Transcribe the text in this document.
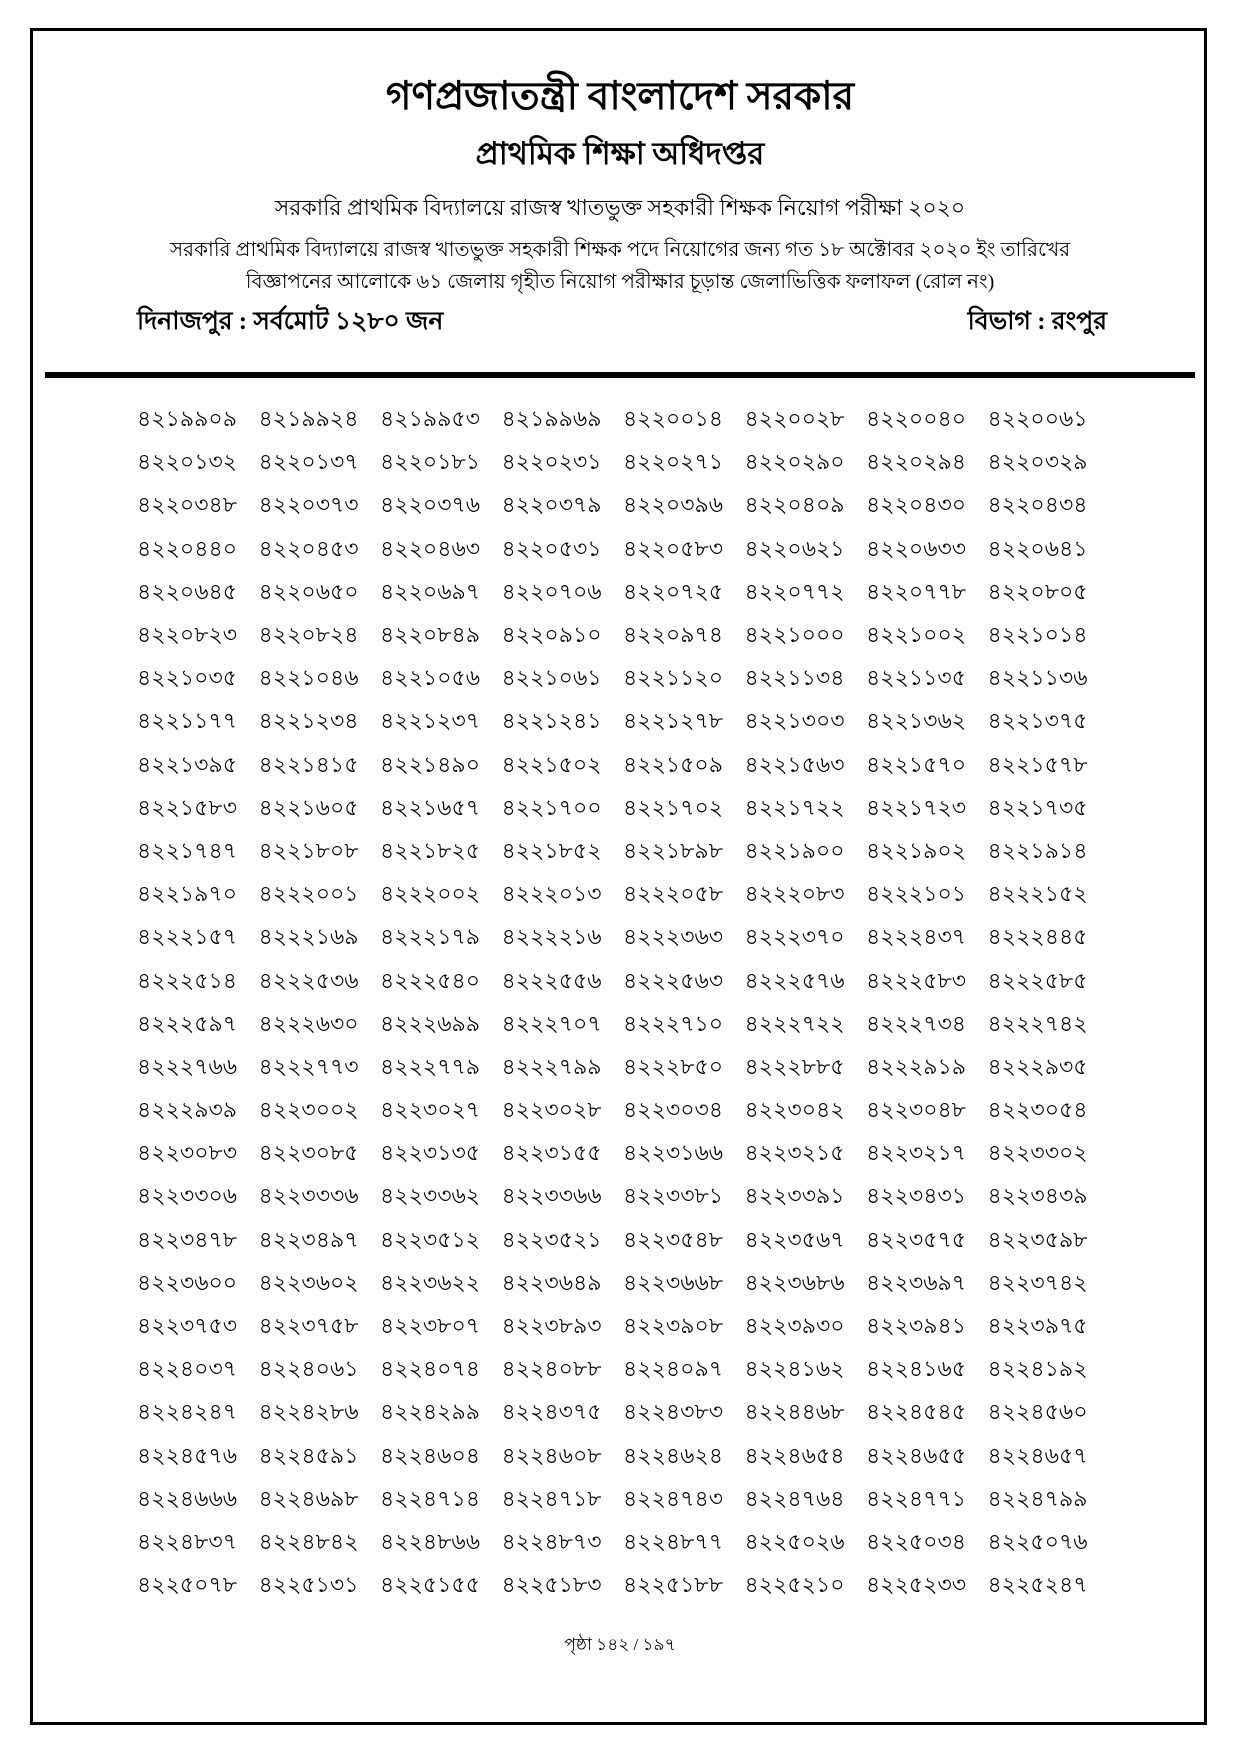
গণপ্রজাতন্ত্রী বাংলাদেশ সরকার
প্রাথমিক শিক্ষা অধিদপ্তর
সরকারি প্রাথমিক বিদ্যালয়ে রাজস্ব খাতভুক্ত সহকারী শিক্ষক নিয়োগ পরীক্ষা ২০২০
সরকারি প্রাথমিক বিদ্যালয়ে রাজস্ব খাতভুক্ত সহকারী শিক্ষক পদে নিয়োগের জন্য গত ১৮ অক্টোবর ২০২০ ইং তারিখের
বিজ্ঞাপনের আলোকে ৬১ জেলায় গৃহীত নিয়োগ পরীক্ষার চূড়ান্ত জেলাভিত্তিক ফলাফল (রোল নং)
দিনাজপুর : সর্বমোট ১২৮০ জন	বিভাগ : রংপুর
৪২১৯৯০৯ ৪২১৯৯২৪ ৪২১৯৯৫৩ ৪২১৯৯৬৯ ৪২২০০১৪ ৪২২০০২৮ ৪২২০০৪০ ৪২২০০৬১
৪২২০১৩২ ৪২২০১৩৭ ৪২২০১৮১ ৪২২০২৩১ ৪২২০২৭১ ৪২২০২৯০ ৪২২০২৯৪ ৪২২০৩২৯
৪২২০৩৪৮ ৪২২০৩৭৩ ৪২২০৩৭৬ ৪২২০৩৭৯ ৪২২০৩৯৬ ৪২২০৪০৯ ৪২২০৪৩০ ৪২২০৪৩৪
৪২২০৪৪০ ৪২২০৪৫৩ ৪২২০৪৬৩ ৪২২০৫৩১ ৪২২০৫৮৩ ৪২২০৬২১ ৪২২০৬৩৩ ৪২২০৬৪১
৪২২০৬৪৫ ৪২২০৬৫০ ৪২২০৬৯৭ ৪২২০৭০৬ ৪২২০৭২৫ ৪২২০৭৭২ ৪২২০৭৭৮ ৪২২০৮০৫
৪২২০৮২৩ ৪২২০৮২৪ ৪২২০৮৪৯ ৪২২০৯১০ ৪২২০৯৭৪ ৪২২১০০০ ৪২২১০০২ ৪২২১০১৪
৪২২১০৩৫ ৪২২১০৪৬ ৪২২১০৫৬ ৪২২১০৬১ ৪২২১১২০ ৪২২১১৩৪ ৪২২১১৩৫ ৪২২১১৩৬
৪২২১১৭৭ ৪২২১২৩৪ ৪২২১২৩৭ ৪২২১২৪১ ৪২২১২৭৮ ৪২২১৩০৩ ৪২২১৩৬২ ৪২২১৩৭৫
৪২২১৩৯৫ ৪২২১৪১৫ ৪২২১৪৯০ ৪২২১৫০২ ৪২২১৫০৯ ৪২২১৫৬৩ ৪২২১৫৭০ ৪২২১৫৭৮
৪২২১৫৮৩ ৪২২১৬০৫ ৪২২১৬৫৭ ৪২২১৭০০ ৪২২১৭০২ ৪২২১৭২২ ৪২২১৭২৩ ৪২২১৭৩৫
৪২২১৭৪৭ ৪২২১৮০৮ ৪২২১৮২৫ ৪২২১৮৫২ ৪২২১৮৯৮ ৪২২১৯০০ ৪২২১৯০২ ৪২২১৯১৪
৪২২১৯৭০ ৪২২২০০১ ৪২২২০০২ ৪২২২০১৩ ৪২২২০৫৮ ৪২২২০৮৩ ৪২২২১০১ ৪২২২১৫২
৪২২২১৫৭ ৪২২২১৬৯ ৪২২২১৭৯ ৪২২২২১৬ ৪২২২৩৬৩ ৪২২২৩৭০ ৪২২২৪৩৭ ৪২২২৪৪৫
৪২২২৫১৪ ৪২২২৫৩৬ ৪২২২৫৪০ ৪২২২৫৫৬ ৪২২২৫৬৩ ৪২২২৫৭৬ ৪২২২৫৮৩ ৪২২২৫৮৫
৪২২২৫৯৭ ৪২২২৬৩০ ৪২২২৬৯৯ ৪২২২৭০৭ ৪২২২৭১০ ৪২২২৭২২ ৪২২২৭৩৪ ৪২২২৭৪২
৪২২২৭৬৬ ৪২২২৭৭৩ ৪২২২৭৭৯ ৪২২২৭৯৯ ৪২২২৮৫০ ৪২২২৮৮৫ ৪২২২৯১৯ ৪২২২৯৩৫
৪২২২৯৩৯ ৪২২৩০০২ ৪২২৩০২৭ ৪২২৩০২৮ ৪২২৩০৩৪ ৪২২৩০৪২ ৪২২৩০৪৮ ৪২২৩০৫৪
৪২২৩০৮৩ ৪২২৩০৮৫ ৪২২৩১৩৫ ৪২২৩১৫৫ ৪২২৩১৬৬ ৪২২৩২১৫ ৪২২৩২১৭ ৪২২৩৩০২
৪২২৩৩০৬ ৪২২৩৩৩৬ ৪২২৩৩৬২ ৪২২৩৩৬৬ ৪২২৩৩৮১ ৪২২৩৩৯১ ৪২২৩৪৩১ ৪২২৩৪৩৯
৪২২৩৪৭৮ ৪২২৩৪৯৭ ৪২২৩৫১২ ৪২২৩৫২১ ৪২২৩৫৪৮ ৪২২৩৫৬৭ ৪২২৩৫৭৫ ৪২২৩৫৯৮
৪২২৩৬০০ ৪২২৩৬০২ ৪২২৩৬২২ ৪২২৩৬৪৯ ৪২২৩৬৬৮ ৪২২৩৬৮৬ ৪২২৩৬৯৭ ৪২২৩৭৪২
৪২২৩৭৫৩ ৪২২৩৭৫৮ ৪২২৩৮০৭ ৪২২৩৮৯৩ ৪২২৩৯০৮ ৪২২৩৯৩০ ৪২২৩৯৪১ ৪২২৩৯৭৫
৪২২৪০৩৭ ৪২২৪০৬১ ৪২২৪০৭৪ ৪২২৪০৮৮ ৪২২৪০৯৭ ৪২২৪১৬২ ৪২২৪১৬৫ ৪২২৪১৯২
৪২২৪২৪৭ ৪২২৪২৮৬ ৪২২৪২৯৯ ৪২২৪৩৭৫ ৪২২৪৩৮৩ ৪২২৪৪৬৮ ৪২২৪৫৪৫ ৪২২৪৫৬০
৪২২৪৫৭৬ ৪২২৪৫৯১ ৪২২৪৬০৪ ৪২২৪৬০৮ ৪২২৪৬২৪ ৪২২৪৬৫৪ ৪২২৪৬৫৫ ৪২২৪৬৫৭
৪২২৪৬৬৬ ৪২২৪৬৯৮ ৪২২৪৭১৪ ৪২২৪৭১৮ ৪২২৪৭৪৩ ৪২২৪৭৬৪ ৪২২৪৭৭১ ৪২২৪৭৯৯
৪২২৪৮৩৭ ৪২২৪৮৪২ ৪২২৪৮৬৬ ৪২২৪৮৭৩ ৪২২৪৮৭৭ ৪২২৫০২৬ ৪২২৫০৩৪ ৪২২৫০৭৬
৪২২৫০৭৮ ৪২২৫১৩১ ৪২২৫১৫৫ ৪২২৫১৮৩ ৪২২৫১৮৮ ৪২২৫২১০ ৪২২৫২৩৩ ৪২২৫২৪৭
পৃষ্ঠা ১৪২ / ১৯৭
